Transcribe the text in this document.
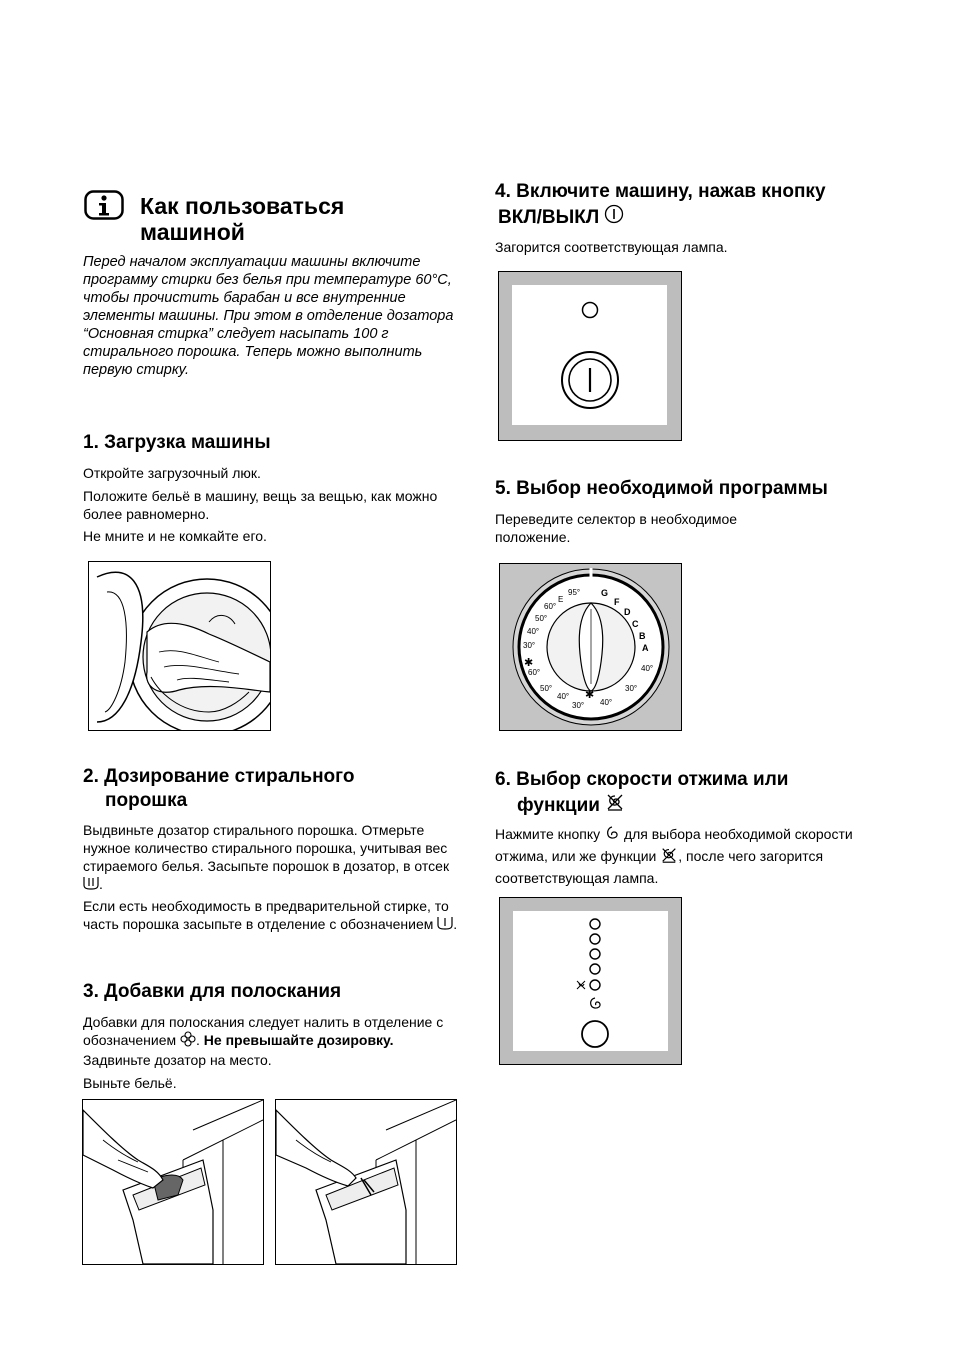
Как пользоваться
машиной

Перед началом эксплуатации машины включите программу стирки без белья при температуре 60°C, чтобы прочистить барабан и все внутренние элементы машины. При этом в отделение дозатора “Основная стирка” следует насыпать 100 г стирального порошка. Теперь можно выполнить первую стирку.

1. Загрузка машины

Откройте загрузочный люк.

Положите бельё в машину, вещь за вещью, как можно более равномерно.

Не мните и не комкайте его.

2. Дозирование стирального
порошка

Выдвиньте дозатор стирального порошка. Отмерьте нужное количество стирального порошка, учитывая вес стираемого белья. Засыпьте порошок в дозатор, в отсек .

Если есть необходимость в предварительной стирке, то часть порошка засыпьте в отделение с обозначением .

3. Добавки для полоскания

Добавки для полоскания следует налить в отделение с обозначением . Не превышайте дозировку. Задвиньте дозатор на место.

Выньте бельё.

4. Включите машину, нажав кнопку
ВКЛ/ВЫКЛ

Загорится соответствующая лампа.

5. Выбор необходимой программы

Переведите селектор в необходимое положение.

95°
E
60°
50°
40°
30°
✱
60°
50°
40°
30°
✱
G
F
D
C
B
A
40°
30°
40°
6. Выбор скорости отжима или
функции

Нажмите кнопку для выбора необходимой скорости отжима, или же функции , после чего загорится соответствующая лампа.
